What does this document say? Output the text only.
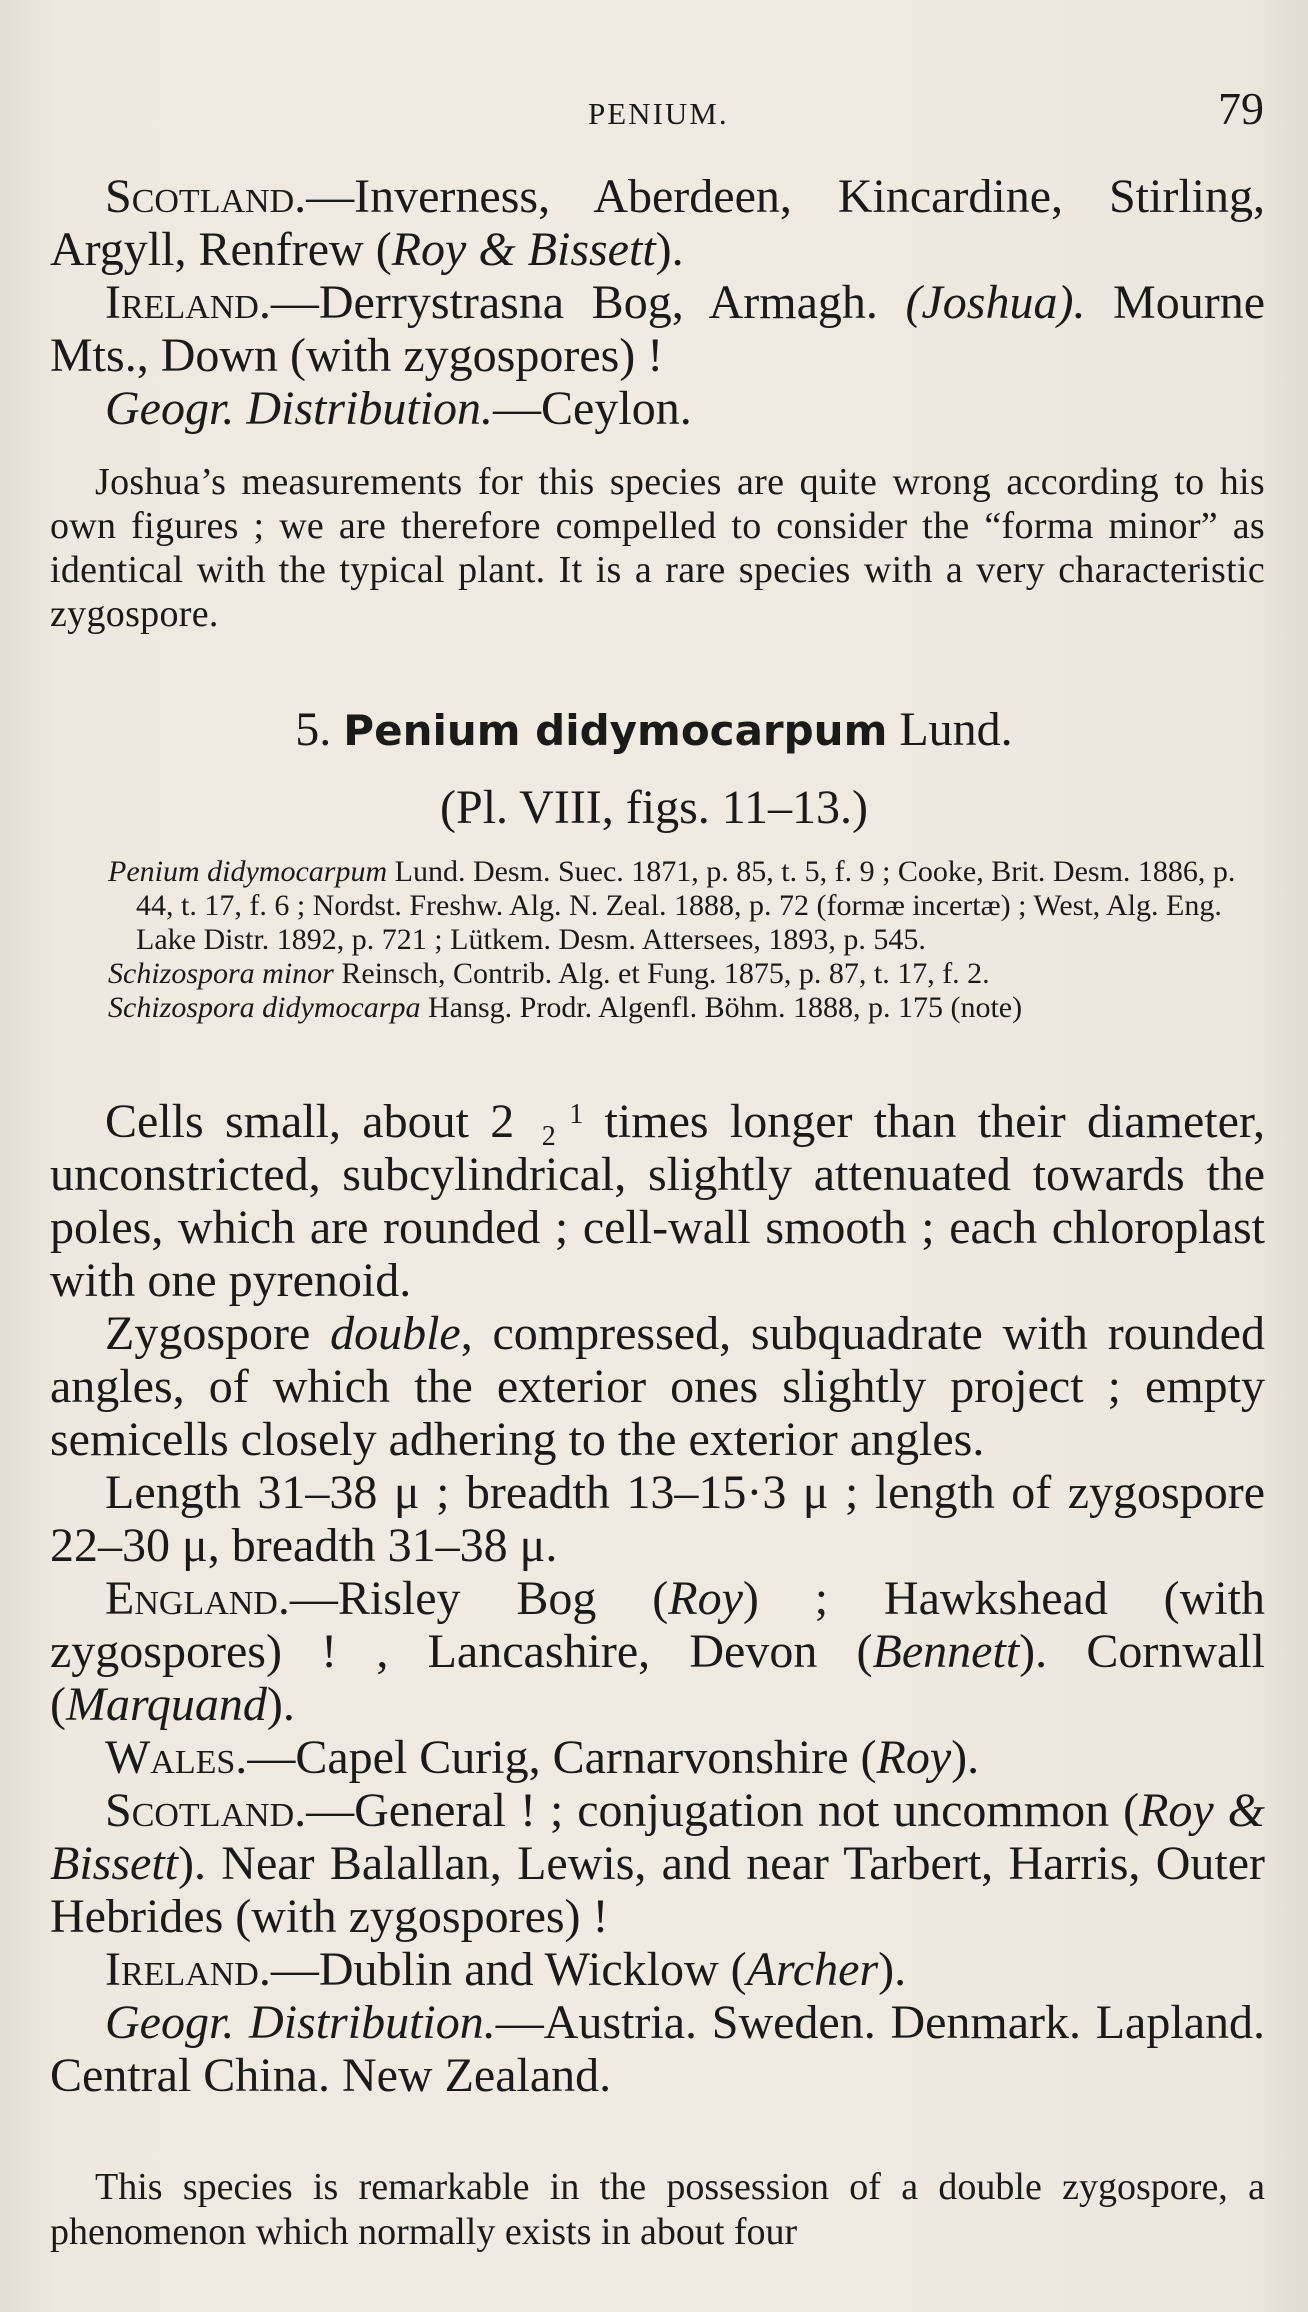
PENIUM.	79

Scotland.—Inverness, Aberdeen, Kincardine, Stirling, Argyll, Renfrew (Roy & Bissett).

Ireland.—Derrystrasna Bog, Armagh. (Joshua). Mourne Mts., Down (with zygospores) !

Geogr. Distribution.—Ceylon.

Joshua’s measurements for this species are quite wrong according to his own figures ; we are therefore compelled to consider the “forma minor” as identical with the typical plant. It is a rare species with a very characteristic zygospore.

5. Penium didymocarpum Lund.
(Pl. VIII, figs. 11–13.)

Penium didymocarpum Lund. Desm. Suec. 1871, p. 85, t. 5, f. 9 ; Cooke, Brit. Desm. 1886, p. 44, t. 17, f. 6 ; Nordst. Freshw. Alg. N. Zeal. 1888, p. 72 (formæ incertæ) ; West, Alg. Eng. Lake Distr. 1892, p. 721 ; Lütkem. Desm. Attersees, 1893, p. 545.

Schizospora minor Reinsch, Contrib. Alg. et Fung. 1875, p. 87, t. 17, f. 2.

Schizospora didymocarpa Hansg. Prodr. Algenfl. Böhm. 1888, p. 175 (note)

Cells small, about 2 1
2 times longer than their diameter, unconstricted, subcylindrical, slightly attenuated towards the poles, which are rounded ; cell-wall smooth ; each chloroplast with one pyrenoid.

Zygospore double, compressed, subquadrate with rounded angles, of which the exterior ones slightly project ; empty semicells closely adhering to the exterior angles.

Length 31–38 μ ; breadth 13–15·3 μ ; length of zygospore 22–30 μ, breadth 31–38 μ.

England.—Risley Bog (Roy) ; Hawkshead (with zygospores) ! , Lancashire, Devon (Bennett). Cornwall (Marquand).

Wales.—Capel Curig, Carnarvonshire (Roy).

Scotland.—General ! ; conjugation not uncommon (Roy & Bissett). Near Balallan, Lewis, and near Tarbert, Harris, Outer Hebrides (with zygospores) !

Ireland.—Dublin and Wicklow (Archer).

Geogr. Distribution.—Austria. Sweden. Denmark. Lapland. Central China. New Zealand.

This species is remarkable in the possession of a double zygospore, a phenomenon which normally exists in about four
